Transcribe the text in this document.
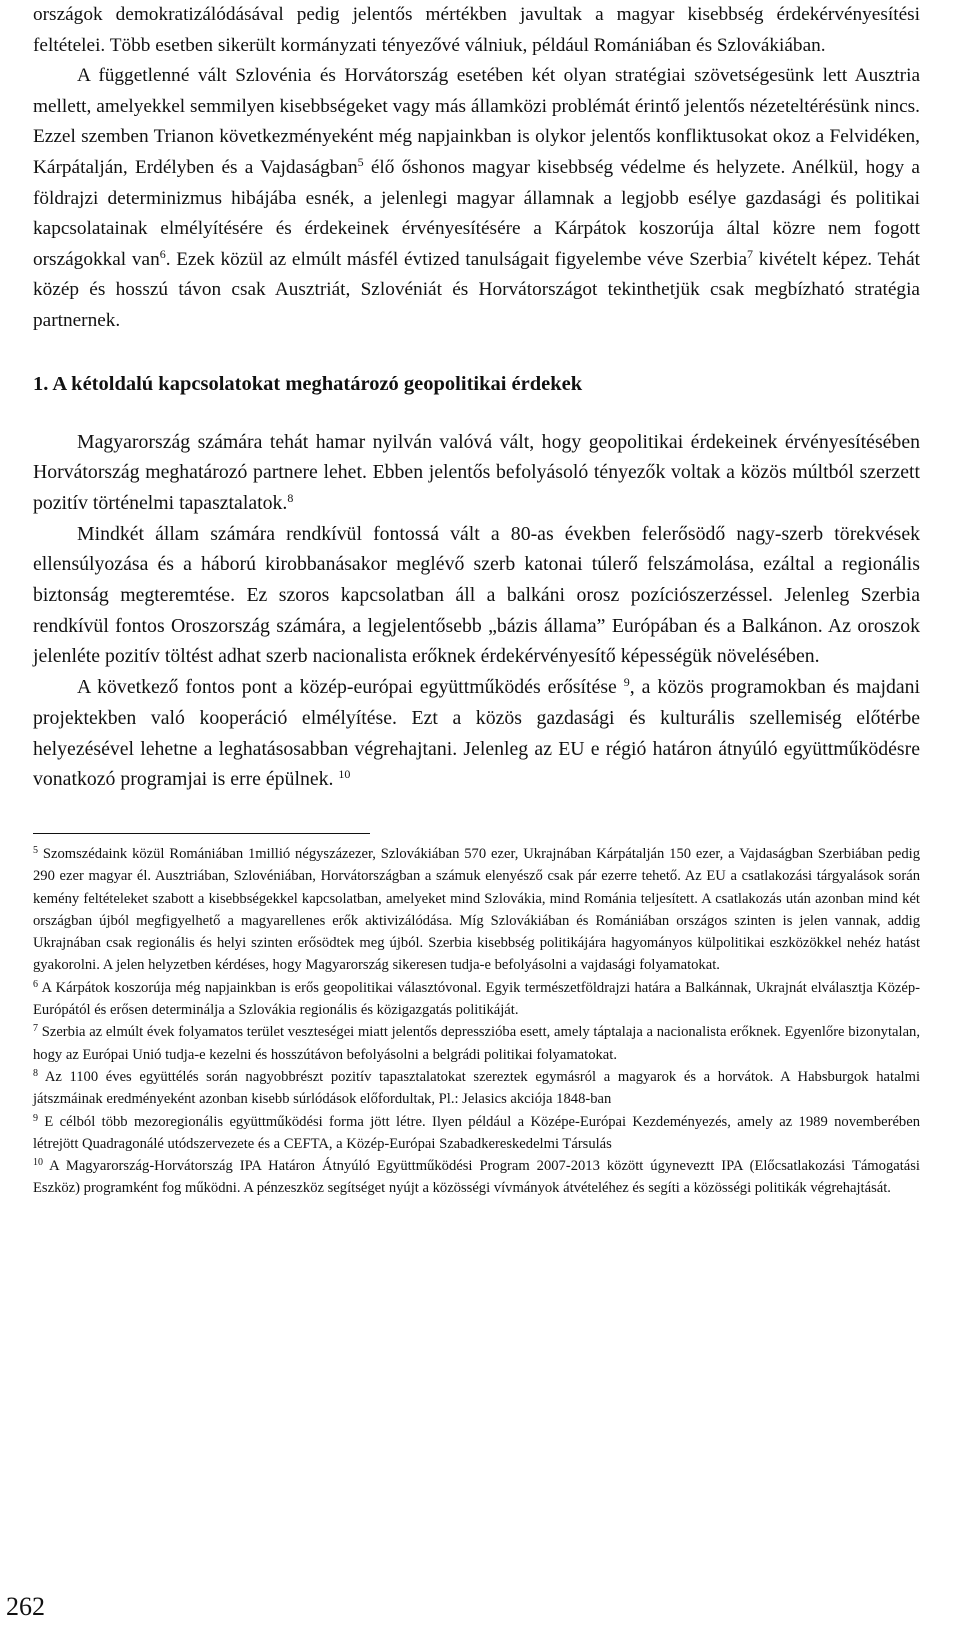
országok demokratizálódásával pedig jelentős mértékben javultak a magyar kisebbség érdekérvényesítési feltételei. Több esetben sikerült kormányzati tényezővé válniuk, például Romániában és Szlovákiában.

A függetlenné vált Szlovénia és Horvátország esetében két olyan stratégiai szövetségesünk lett Ausztria mellett, amelyekkel semmilyen kisebbségeket vagy más államközi problémát érintő jelentős nézeteltérésünk nincs. Ezzel szemben Trianon következményeként még napjainkban is olykor jelentős konfliktusokat okoz a Felvidéken, Kárpátalján, Erdélyben és a Vajdaságban$^5$ élő őshonos magyar kisebbség védelme és helyzete. Anélkül, hogy a földrajzi determinizmus hibájába esnék, a jelenlegi magyar államnak a legjobb esélye gazdasági és politikai kapcsolatainak elmélyítésére és érdekeinek érvényesítésére a Kárpátok koszorúja által közre nem fogott országokkal van$^6$. Ezek közül az elmúlt másfél évtized tanulságait figyelembe véve Szerbia$^7$ kivételt képez. Tehát közép és hosszú távon csak Ausztriát, Szlovéniát és Horvátországot tekinthetjük csak megbízható stratégia partnernek.

1. A kétoldalú kapcsolatokat meghatározó geopolitikai érdekek

Magyarország számára tehát hamar nyilván valóvá vált, hogy geopolitikai érdekeinek érvényesítésében Horvátország meghatározó partnere lehet. Ebben jelentős befolyásoló tényezők voltak a közös múltból szerzett pozitív történelmi tapasztalatok.$^8$

Mindkét állam számára rendkívül fontossá vált a 80-as években felerősödő nagy-szerb törekvések ellensúlyozása és a háború kirobbanásakor meglévő szerb katonai túlerő felszámolása, ezáltal a regionális biztonság megteremtése. Ez szoros kapcsolatban áll a balkáni orosz pozíciószerzéssel. Jelenleg Szerbia rendkívül fontos Oroszország számára, a legjelentősebb „bázis állama” Európában és a Balkánon. Az oroszok jelenléte pozitív töltést adhat szerb nacionalista erőknek érdekérvényesítő képességük növelésében.

A következő fontos pont a közép-európai együttműködés erősítése $^9$, a közös programokban és majdani projektekben való kooperáció elmélyítése. Ezt a közös gazdasági és kulturális szellemiség előtérbe helyezésével lehetne a leghatásosabban végrehajtani. Jelenleg az EU e régió határon átnyúló együttműködésre vonatkozó programjai is erre épülnek. $^{10}$

$^5$ Szomszédaink közül Romániában 1millió négyszázezer, Szlovákiában 570 ezer, Ukrajnában Kárpátalján 150 ezer, a Vajdaságban Szerbiában pedig 290 ezer magyar él. Ausztriában, Szlovéniában, Horvátországban a számuk elenyésző csak pár ezerre tehető. Az EU a csatlakozási tárgyalások során kemény feltételeket szabott a kisebbségekkel kapcsolatban, amelyeket mind Szlovákia, mind Románia teljesített. A csatlakozás után azonban mind két országban újból megfigyelhető a magyarellenes erők aktivizálódása. Míg Szlovákiában és Romániában országos szinten is jelen vannak, addig Ukrajnában csak regionális és helyi szinten erősödtek meg újból. Szerbia kisebbség politikájára hagyományos külpolitikai eszközökkel nehéz hatást gyakorolni. A jelen helyzetben kérdéses, hogy Magyarország sikeresen tudja-e befolyásolni a vajdasági folyamatokat.

$^6$ A Kárpátok koszorúja még napjainkban is erős geopolitikai választóvonal. Egyik természetföldrajzi határa a Balkánnak, Ukrajnát elválasztja Közép-Európától és erősen determinálja a Szlovákia regionális és közigazgatás politikáját.

$^7$ Szerbia az elmúlt évek folyamatos terület veszteségei miatt jelentős depresszióba esett, amely táptalaja a nacionalista erőknek. Egyenlőre bizonytalan, hogy az Európai Unió tudja-e kezelni és hosszútávon befolyásolni a belgrádi politikai folyamatokat.

$^8$ Az 1100 éves együttélés során nagyobbrészt pozitív tapasztalatokat szereztek egymásról a magyarok és a horvátok. A Habsburgok hatalmi játszmáinak eredményeként azonban kisebb súrlódások előfordultak, Pl.: Jelasics akciója 1848-ban

$^9$ E célból több mezoregionális együttműködési forma jött létre. Ilyen például a Középe-Európai Kezdeményezés, amely az 1989 novemberében létrejött Quadragonálé utódszervezete és a CEFTA, a Közép-Európai Szabadkereskedelmi Társulás

$^{10}$ A Magyarország-Horvátország IPA Határon Átnyúló Együttműködési Program 2007-2013 között úgyneveztt IPA (Előcsatlakozási Támogatási Eszköz) programként fog működni. A pénzeszköz segítséget nyújt a közösségi vívmányok átvételéhez és segíti a közösségi politikák végrehajtását.

262
